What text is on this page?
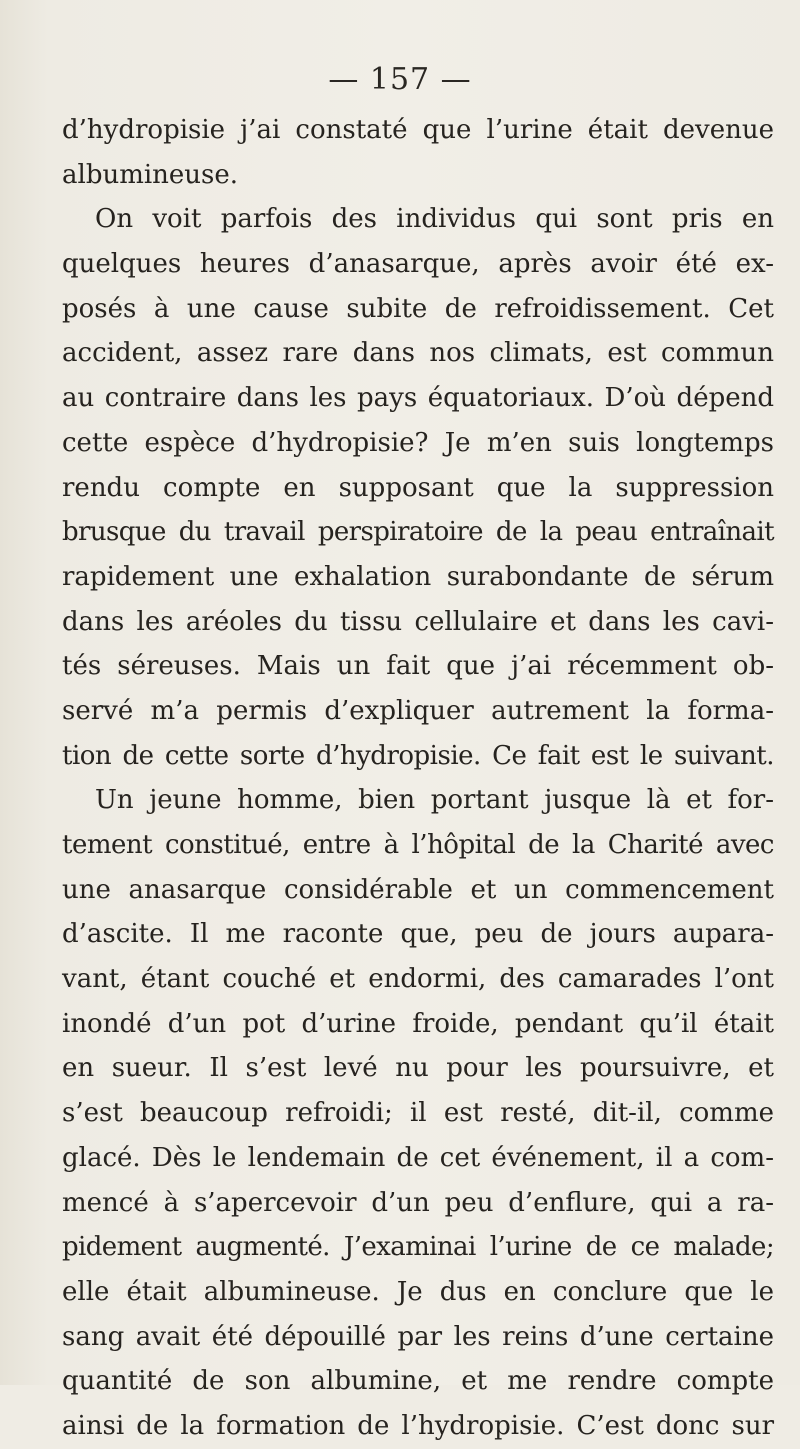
— 157 —
d’hydropisie j’ai constaté que l’urine était devenue
albumineuse.
On voit parfois des individus qui sont pris en
quelques heures d’anasarque, après avoir été ex-
posés à une cause subite de refroidissement. Cet
accident, assez rare dans nos climats, est commun
au contraire dans les pays équatoriaux. D’où dépend
cette espèce d’hydropisie? Je m’en suis longtemps
rendu compte en supposant que la suppression
brusque du travail perspiratoire de la peau entraînait
rapidement une exhalation surabondante de sérum
dans les aréoles du tissu cellulaire et dans les cavi-
tés séreuses. Mais un fait que j’ai récemment ob-
servé m’a permis d’expliquer autrement la forma-
tion de cette sorte d’hydropisie. Ce fait est le suivant.
Un jeune homme, bien portant jusque là et for-
tement constitué, entre à l’hôpital de la Charité avec
une anasarque considérable et un commencement
d’ascite. Il me raconte que, peu de jours aupara-
vant, étant couché et endormi, des camarades l’ont
inondé d’un pot d’urine froide, pendant qu’il était
en sueur. Il s’est levé nu pour les poursuivre, et
s’est beaucoup refroidi; il est resté, dit-il, comme
glacé. Dès le lendemain de cet événement, il a com-
mencé à s’apercevoir d’un peu d’enflure, qui a ra-
pidement augmenté. J’examinai l’urine de ce malade;
elle était albumineuse. Je dus en conclure que le
sang avait été dépouillé par les reins d’une certaine
quantité de son albumine, et me rendre compte
ainsi de la formation de l’hydropisie. C’est donc sur
